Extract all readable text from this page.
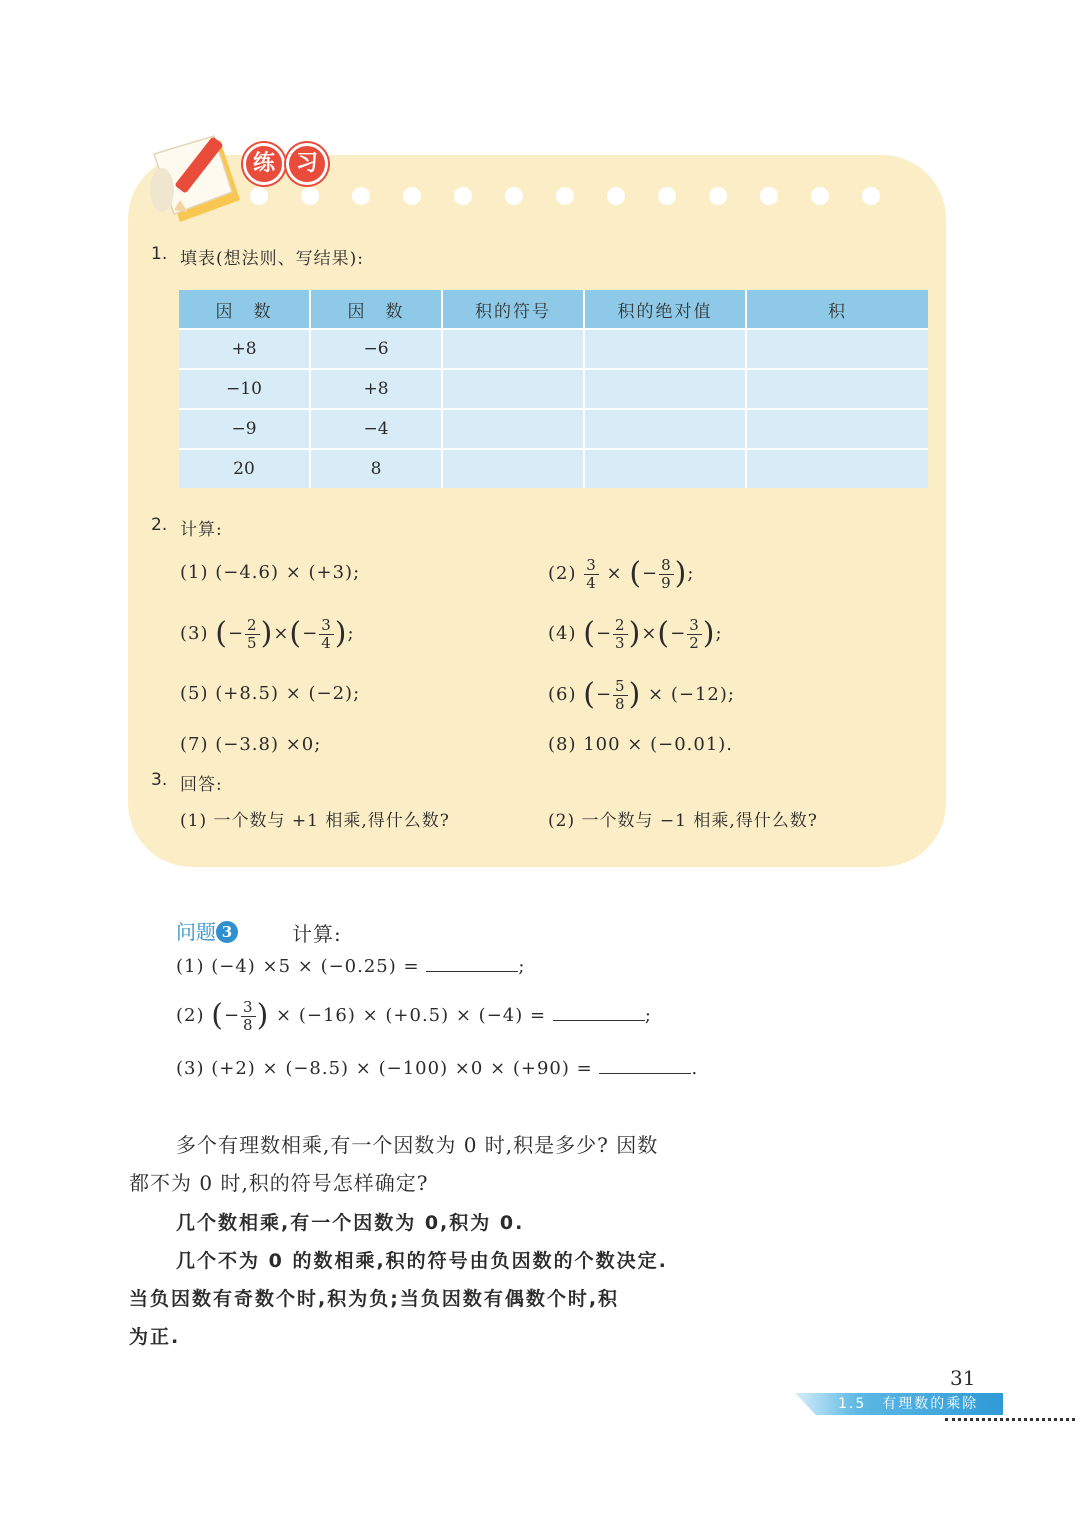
练 习
1. 填表(想法则、写结果):
因　数	因　数	积的符号	积的绝对值	积
+8	−6			
−10	+8			
−9	−4			
20	8			
2. 计算:
(1) (−4.6) × (+3);	$(2) \frac{3}{4}$ × (− $\frac{8}{9}$ );
(3) (− $\frac{2}{5}$ )×(− $\frac{3}{4}$ );	(4) (− $\frac{2}{3}$ )×(− $\frac{3}{2}$ );
(5) (+8.5) × (−2);	(6) (− $\frac{5}{8}$ ) × (−12);
(7) (−3.8) ×0;	(8) 100 × (−0.01).
3. 回答:
(1) 一个数与 +1 相乘,得什么数?	(2) 一个数与 −1 相乘,得什么数?
问题 3	计算:
(1) (−4) ×5 × (−0.25) =	;
(2) (− $\frac{3}{8}$ ) × (−16) × (+0.5) × (−4) =	;
(3) (+2) × (−8.5) × (−100) ×0 × (+90) =	.
多个有理数相乘,有一个因数为 0 时,积是多少? 因数
都不为 0 时,积的符号怎样确定?
几个数相乘,有一个因数为 0,积为 0.
几个不为 0 的数相乘,积的符号由负因数的个数决定.
当负因数有奇数个时,积为负;当负因数有偶数个时,积
为正.
31
1.5　有理数的乘除
